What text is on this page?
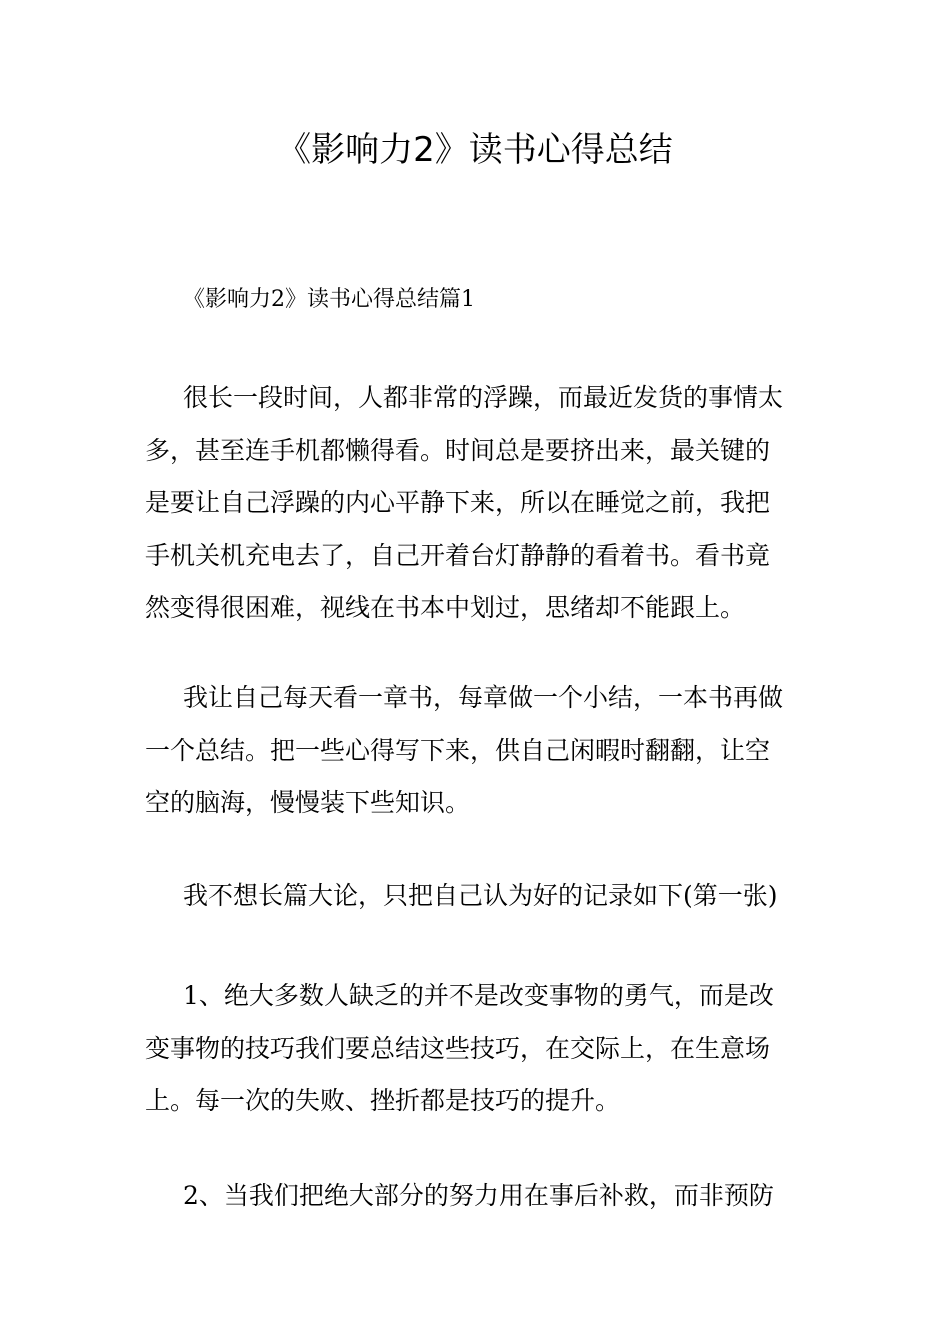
《影响力2》读书心得总结
《影响力2》读书心得总结篇1

很长一段时间，人都非常的浮躁，而最近发货的事情太
多，甚至连手机都懒得看。时间总是要挤出来，最关键的
是要让自己浮躁的内心平静下来，所以在睡觉之前，我把
手机关机充电去了，自己开着台灯静静的看着书。看书竟
然变得很困难，视线在书本中划过，思绪却不能跟上。

我让自己每天看一章书，每章做一个小结，一本书再做
一个总结。把一些心得写下来，供自己闲暇时翻翻，让空
空的脑海，慢慢装下些知识。

我不想长篇大论，只把自己认为好的记录如下(第一张)

1、绝大多数人缺乏的并不是改变事物的勇气，而是改
变事物的技巧我们要总结这些技巧，在交际上，在生意场
上。每一次的失败、挫折都是技巧的提升。

2、当我们把绝大部分的努力用在事后补救，而非预防
